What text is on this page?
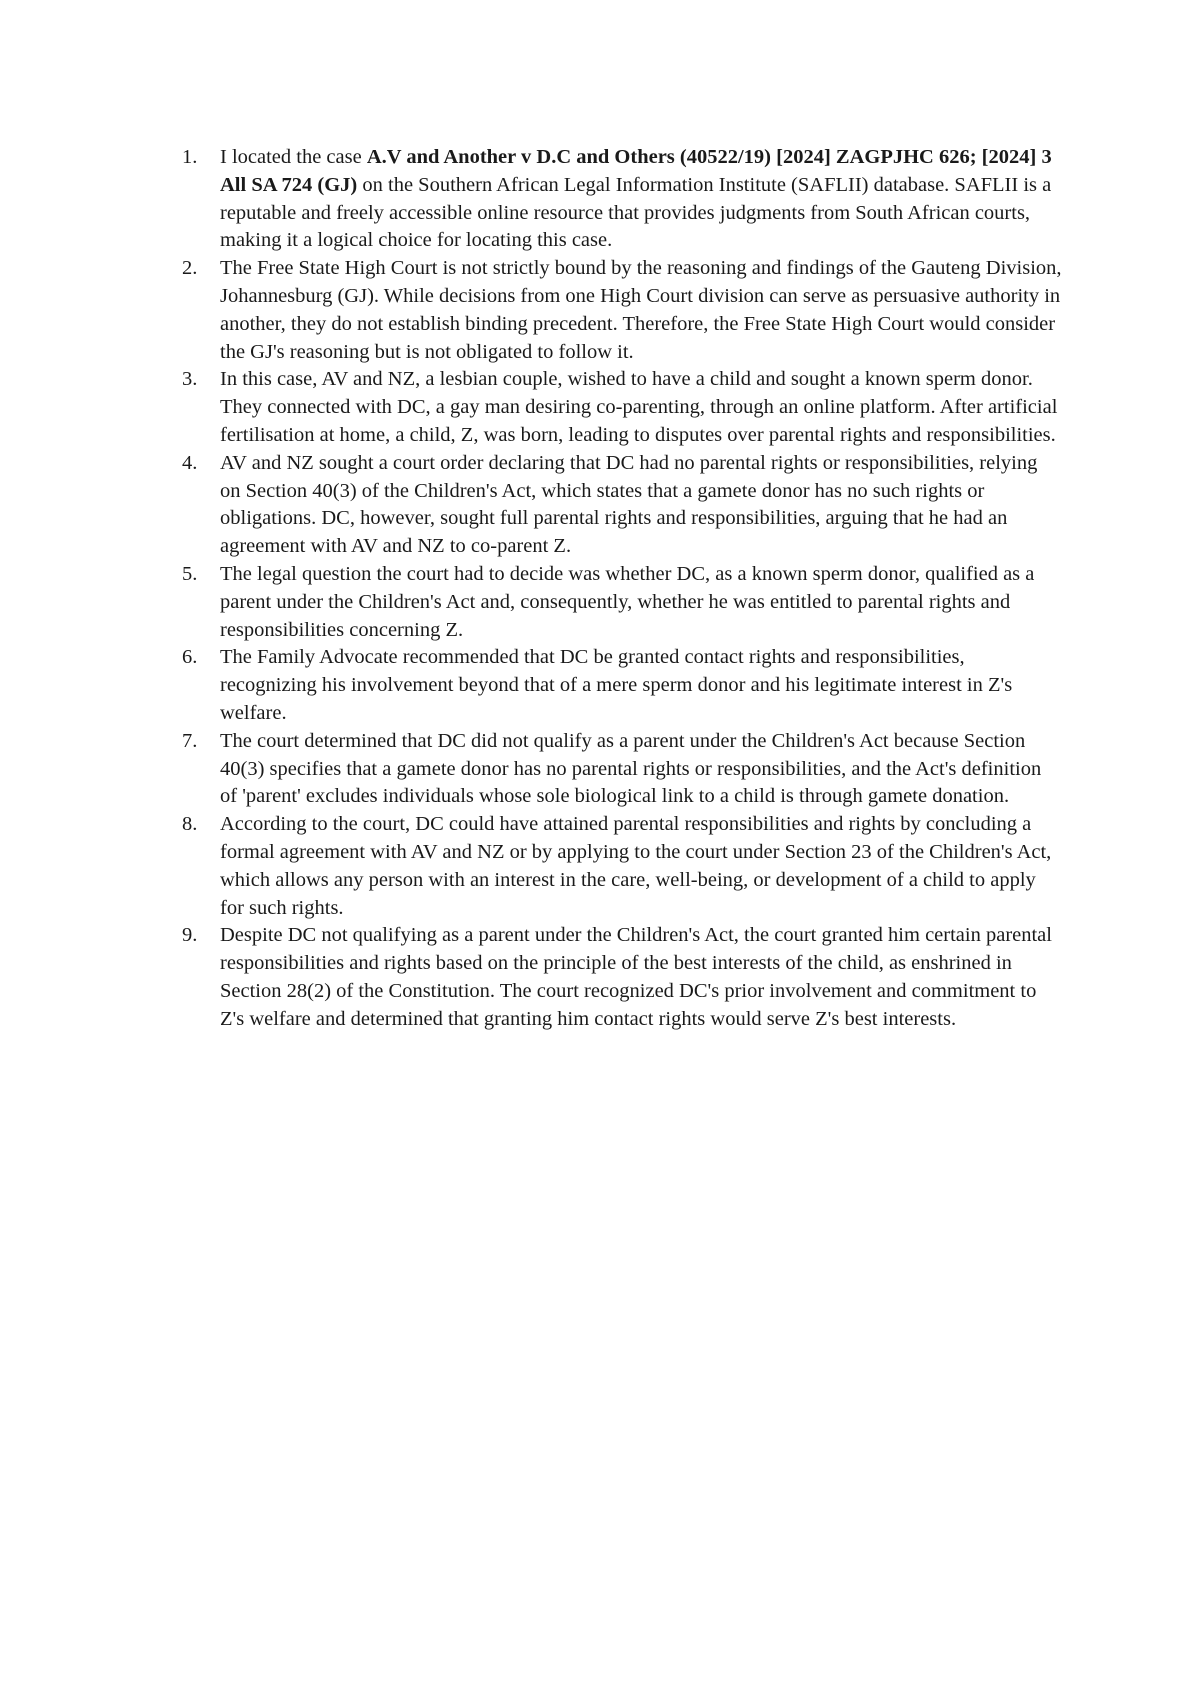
1. I located the case A.V and Another v D.C and Others (40522/19) [2024] ZAGPJHC 626; [2024] 3 All SA 724 (GJ) on the Southern African Legal Information Institute (SAFLII) database. SAFLII is a reputable and freely accessible online resource that provides judgments from South African courts, making it a logical choice for locating this case.
2. The Free State High Court is not strictly bound by the reasoning and findings of the Gauteng Division, Johannesburg (GJ). While decisions from one High Court division can serve as persuasive authority in another, they do not establish binding precedent. Therefore, the Free State High Court would consider the GJ's reasoning but is not obligated to follow it.
3. In this case, AV and NZ, a lesbian couple, wished to have a child and sought a known sperm donor. They connected with DC, a gay man desiring co-parenting, through an online platform. After artificial fertilisation at home, a child, Z, was born, leading to disputes over parental rights and responsibilities.
4. AV and NZ sought a court order declaring that DC had no parental rights or responsibilities, relying on Section 40(3) of the Children's Act, which states that a gamete donor has no such rights or obligations. DC, however, sought full parental rights and responsibilities, arguing that he had an agreement with AV and NZ to co-parent Z.
5. The legal question the court had to decide was whether DC, as a known sperm donor, qualified as a parent under the Children's Act and, consequently, whether he was entitled to parental rights and responsibilities concerning Z.
6. The Family Advocate recommended that DC be granted contact rights and responsibilities, recognizing his involvement beyond that of a mere sperm donor and his legitimate interest in Z's welfare.
7. The court determined that DC did not qualify as a parent under the Children's Act because Section 40(3) specifies that a gamete donor has no parental rights or responsibilities, and the Act's definition of 'parent' excludes individuals whose sole biological link to a child is through gamete donation.
8. According to the court, DC could have attained parental responsibilities and rights by concluding a formal agreement with AV and NZ or by applying to the court under Section 23 of the Children's Act, which allows any person with an interest in the care, well-being, or development of a child to apply for such rights.
9. Despite DC not qualifying as a parent under the Children's Act, the court granted him certain parental responsibilities and rights based on the principle of the best interests of the child, as enshrined in Section 28(2) of the Constitution. The court recognized DC's prior involvement and commitment to Z's welfare and determined that granting him contact rights would serve Z's best interests.
